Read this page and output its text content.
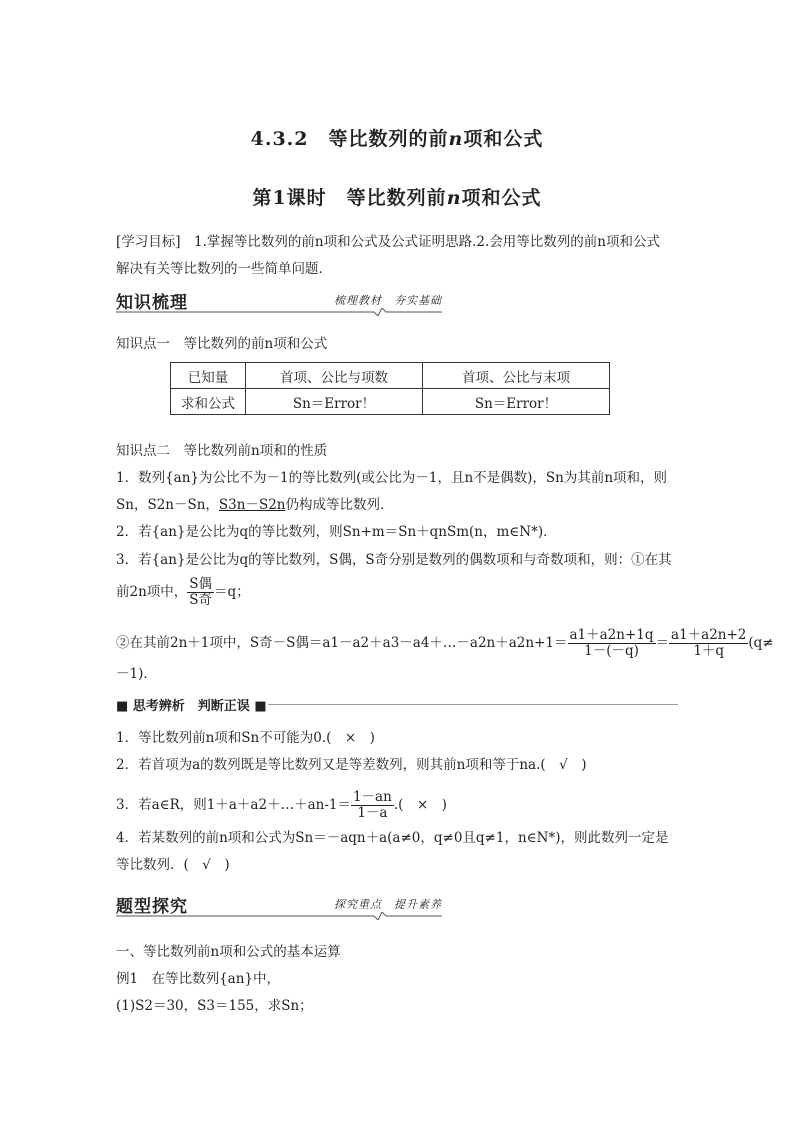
4.3.2　等比数列的前n项和公式
第1课时　等比数列前n项和公式
[学习目标]　 1.掌握等比数列的前n项和公式及公式证明思路.2.会用等比数列的前n项和公式
解决有关等比数列的一些简单问题．
知识梳理	梳理教材　夯实基础
知识点一　等比数列的前n项和公式
已知量	首项、公比与项数	首项、公比与末项
求和公式	Sn＝Error！	Sn＝Error！
知识点二　等比数列前n项和的性质
1．数列{an}为公比不为－1的等比数列(或公比为－1，且n不是偶数)，Sn为其前n项和，则
Sn，S2n－Sn，S3n－S2n仍构成等比数列．
2．若{an}是公比为q的等比数列，则Sn+m＝Sn＋qnSm(n，m∈N*)．
3．若{an}是公比为q的等比数列，S偶，S奇分别是数列的偶数项和与奇数项和，则：①在其
前2n项中， $\frac{\text{S偶}}{\text{S奇}} =q$；
②在其前2n＋1项中，S奇－S偶＝a1－a2＋a3－a4＋…－a2n＋a2n+1＝ $\frac{a1+a2n+1q}{1-(-q)} = \frac{a1+a2n+2}{1+q} (q\ne$
－1)．
■ 思考辨析　判断正误 ■
1．等比数列前n项和Sn不可能为0.(　×　)
2．若首项为a的数列既是等比数列又是等差数列，则其前n项和等于na.(　√　)
3．若a∈R，则1＋a＋a2＋…＋an-1＝ $\frac{1-an}{1-a}$ .(　×　)
4．若某数列的前n项和公式为Sn＝－aqn＋a(a≠0，q≠0且q≠1，n∈N*)，则此数列一定是
等比数列．(　√　)
题型探究	探究重点　提升素养
一、等比数列前n项和公式的基本运算
例1　在等比数列{an}中，
(1)S2＝30，S3＝155，求Sn；
